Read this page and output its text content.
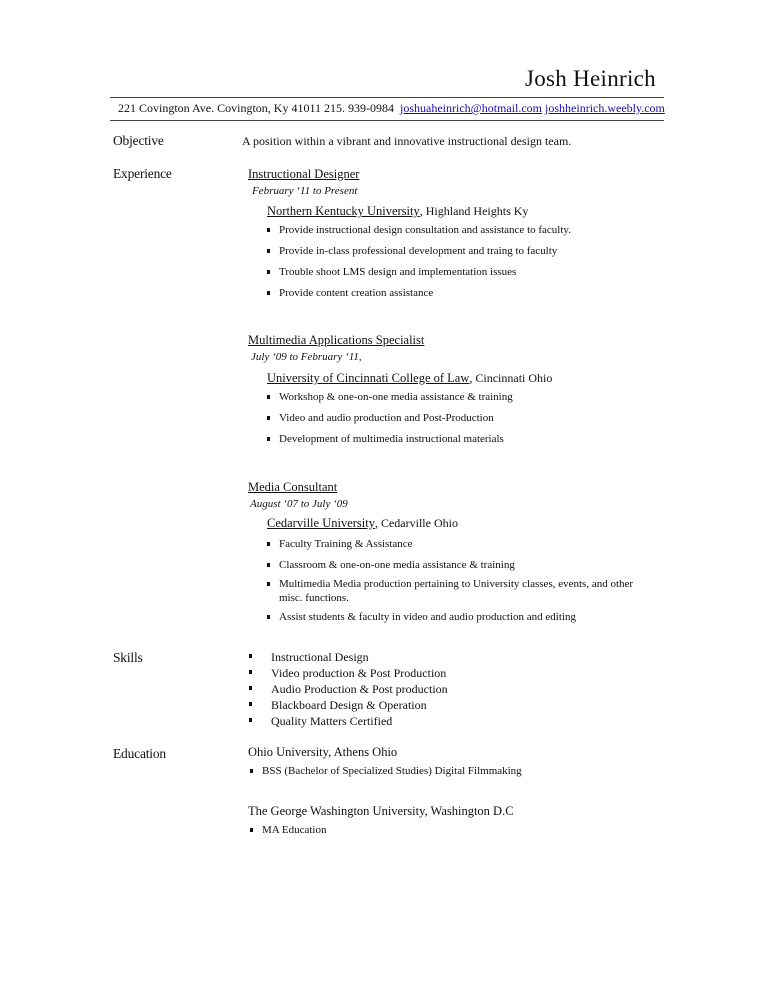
Josh Heinrich
221 Covington Ave. Covington, Ky 41011 215. 939-0984 joshuaheinrich@hotmail.com joshheinrich.weebly.com
Objective	A position within a vibrant and innovative instructional design team.
Experience	Instructional Designer
February ‘11 to Present
Northern Kentucky University, Highland Heights Ky
Provide instructional design consultation and assistance to faculty.
Provide in-class professional development and traing to faculty
Trouble shoot LMS design and implementation issues
Provide content creation assistance
Multimedia Applications Specialist
July ‘09 to February ‘11,
University of Cincinnati College of Law, Cincinnati Ohio
Workshop & one-on-one media assistance & training
Video and audio production and Post-Production
Development of multimedia instructional materials
Media Consultant
August ‘07 to July ‘09
Cedarville University, Cedarville Ohio
Faculty Training & Assistance
Classroom & one-on-one media assistance & training
Multimedia Media production pertaining to University classes, events, and other
misc. functions.
Assist students & faculty in video and audio production and editing
Skills	Instructional Design
Video production & Post Production
Audio Production & Post production
Blackboard Design & Operation
Quality Matters Certified
Education	Ohio University, Athens Ohio
BSS (Bachelor of Specialized Studies) Digital Filmmaking
The George Washington University, Washington D.C
MA Education
